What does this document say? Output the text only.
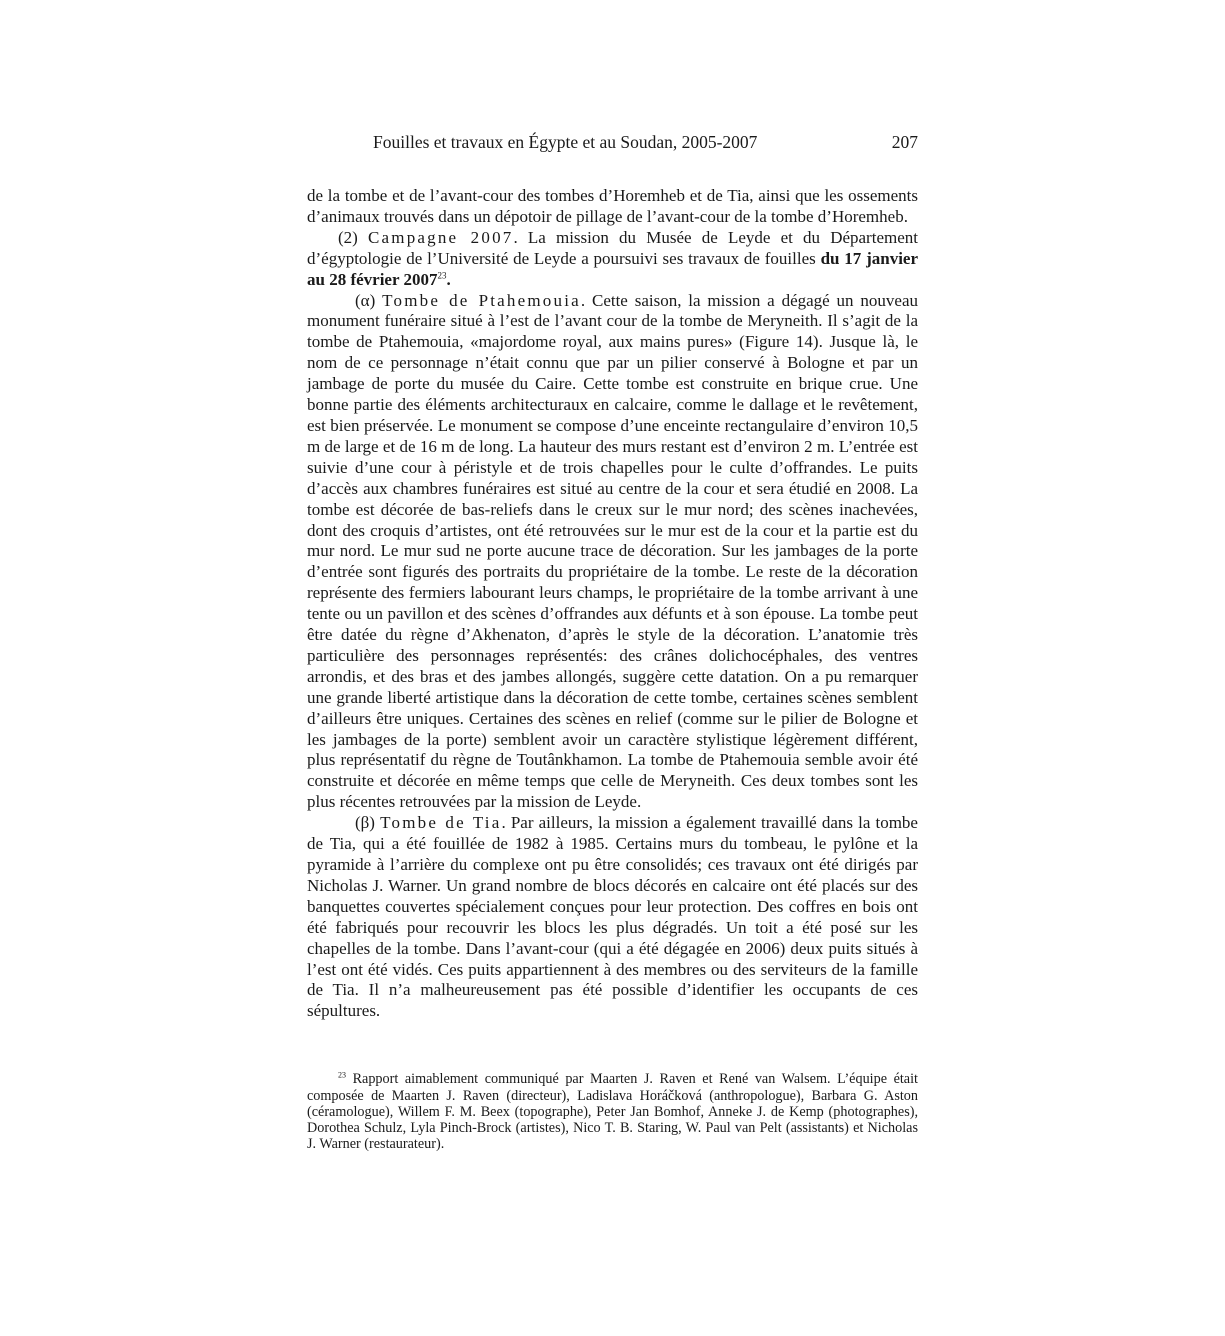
Fouilles et travaux en Égypte et au Soudan, 2005-2007	207

de la tombe et de l’avant-cour des tombes d’Horemheb et de Tia, ainsi que les ossements d’animaux trouvés dans un dépotoir de pillage de l’avant-cour de la tombe d’Horemheb.

(2) Campagne 2007. La mission du Musée de Leyde et du Département d’égyptologie de l’Université de Leyde a poursuivi ses travaux de fouilles du 17 janvier au 28 février 2007$^{23}$.

(α) Tombe de Ptahemouia. Cette saison, la mission a dégagé un nouveau monument funéraire situé à l’est de l’avant cour de la tombe de Meryneith. Il s’agit de la tombe de Ptahemouia, «majordome royal, aux mains pures» (Figure 14). Jusque là, le nom de ce personnage n’était connu que par un pilier conservé à Bologne et par un jambage de porte du musée du Caire. Cette tombe est construite en brique crue. Une bonne partie des éléments architecturaux en calcaire, comme le dallage et le revêtement, est bien préservée. Le monument se compose d’une enceinte rectangulaire d’environ 10,5 m de large et de 16 m de long. La hauteur des murs restant est d’environ 2 m. L’entrée est suivie d’une cour à péristyle et de trois chapelles pour le culte d’offrandes. Le puits d’accès aux chambres funéraires est situé au centre de la cour et sera étudié en 2008. La tombe est décorée de bas-reliefs dans le creux sur le mur nord; des scènes inachevées, dont des croquis d’artistes, ont été retrouvées sur le mur est de la cour et la partie est du mur nord. Le mur sud ne porte aucune trace de décoration. Sur les jambages de la porte d’entrée sont figurés des portraits du propriétaire de la tombe. Le reste de la décoration représente des fermiers labourant leurs champs, le propriétaire de la tombe arrivant à une tente ou un pavillon et des scènes d’offrandes aux défunts et à son épouse. La tombe peut être datée du règne d’Akhenaton, d’après le style de la décoration. L’anatomie très particulière des personnages représentés: des crânes dolichocéphales, des ventres arrondis, et des bras et des jambes allongés, suggère cette datation. On a pu remarquer une grande liberté artistique dans la décoration de cette tombe, certaines scènes semblent d’ailleurs être uniques. Certaines des scènes en relief (comme sur le pilier de Bologne et les jambages de la porte) semblent avoir un caractère stylistique légèrement différent, plus représentatif du règne de Toutânkhamon. La tombe de Ptahemouia semble avoir été construite et décorée en même temps que celle de Meryneith. Ces deux tombes sont les plus récentes retrouvées par la mission de Leyde.

(β) Tombe de Tia. Par ailleurs, la mission a également travaillé dans la tombe de Tia, qui a été fouillée de 1982 à 1985. Certains murs du tombeau, le pylône et la pyramide à l’arrière du complexe ont pu être consolidés; ces travaux ont été dirigés par Nicholas J. Warner. Un grand nombre de blocs décorés en calcaire ont été placés sur des banquettes couvertes spécialement conçues pour leur protection. Des coffres en bois ont été fabriqués pour recouvrir les blocs les plus dégradés. Un toit a été posé sur les chapelles de la tombe. Dans l’avant-cour (qui a été dégagée en 2006) deux puits situés à l’est ont été vidés. Ces puits appartiennent à des membres ou des serviteurs de la famille de Tia. Il n’a malheureusement pas été possible d’identifier les occupants de ces sépultures.

$^{23}$ Rapport aimablement communiqué par Maarten J. Raven et René van Walsem. L’équipe était composée de Maarten J. Raven (directeur), Ladislava Horáčková (anthropologue), Barbara G. Aston (céramologue), Willem F. M. Beex (topographe), Peter Jan Bomhof, Anneke J. de Kemp (photographes), Dorothea Schulz, Lyla Pinch-Brock (artistes), Nico T. B. Staring, W. Paul van Pelt (assistants) et Nicholas J. Warner (restaurateur).
